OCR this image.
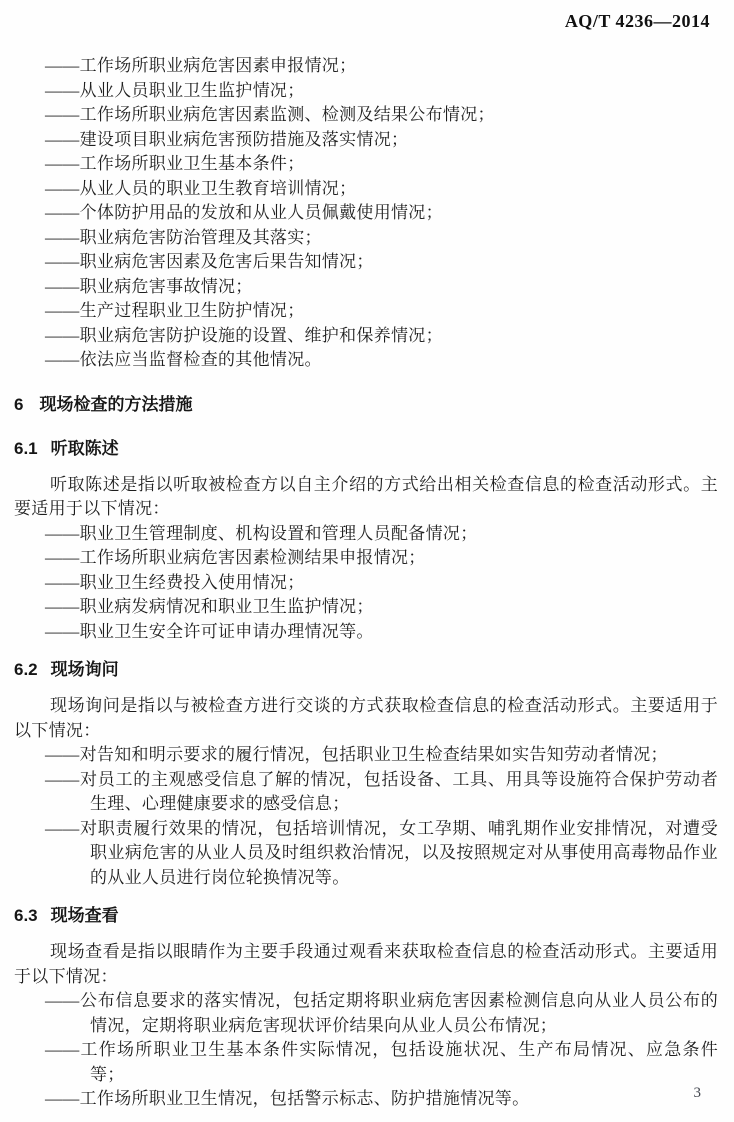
AQ/T 4236—2014
——工作场所职业病危害因素申报情况；
——从业人员职业卫生监护情况；
——工作场所职业病危害因素监测、检测及结果公布情况；
——建设项目职业病危害预防措施及落实情况；
——工作场所职业卫生基本条件；
——从业人员的职业卫生教育培训情况；
——个体防护用品的发放和从业人员佩戴使用情况；
——职业病危害防治管理及其落实；
——职业病危害因素及危害后果告知情况；
——职业病危害事故情况；
——生产过程职业卫生防护情况；
——职业病危害防护设施的设置、维护和保养情况；
——依法应当监督检查的其他情况。
6 现场检查的方法措施
6.1 听取陈述

听取陈述是指以听取被检查方以自主介绍的方式给出相关检查信息的检查活动形式。主要适用于以下情况：

——职业卫生管理制度、机构设置和管理人员配备情况；
——工作场所职业病危害因素检测结果申报情况；
——职业卫生经费投入使用情况；
——职业病发病情况和职业卫生监护情况；
——职业卫生安全许可证申请办理情况等。
6.2 现场询问

现场询问是指以与被检查方进行交谈的方式获取检查信息的检查活动形式。主要适用于以下情况：

——对告知和明示要求的履行情况，包括职业卫生检查结果如实告知劳动者情况；
——对员工的主观感受信息了解的情况，包括设备、工具、用具等设施符合保护劳动者生理、心理健康要求的感受信息；
——对职责履行效果的情况，包括培训情况，女工孕期、哺乳期作业安排情况，对遭受职业病危害的从业人员及时组织救治情况，以及按照规定对从事使用高毒物品作业的从业人员进行岗位轮换情况等。
6.3 现场查看

现场查看是指以眼睛作为主要手段通过观看来获取检查信息的检查活动形式。主要适用于以下情况：

——公布信息要求的落实情况，包括定期将职业病危害因素检测信息向从业人员公布的情况，定期将职业病危害现状评价结果向从业人员公布情况；
——工作场所职业卫生基本条件实际情况，包括设施状况、生产布局情况、应急条件等；
——工作场所职业卫生情况，包括警示标志、防护措施情况等。	3
